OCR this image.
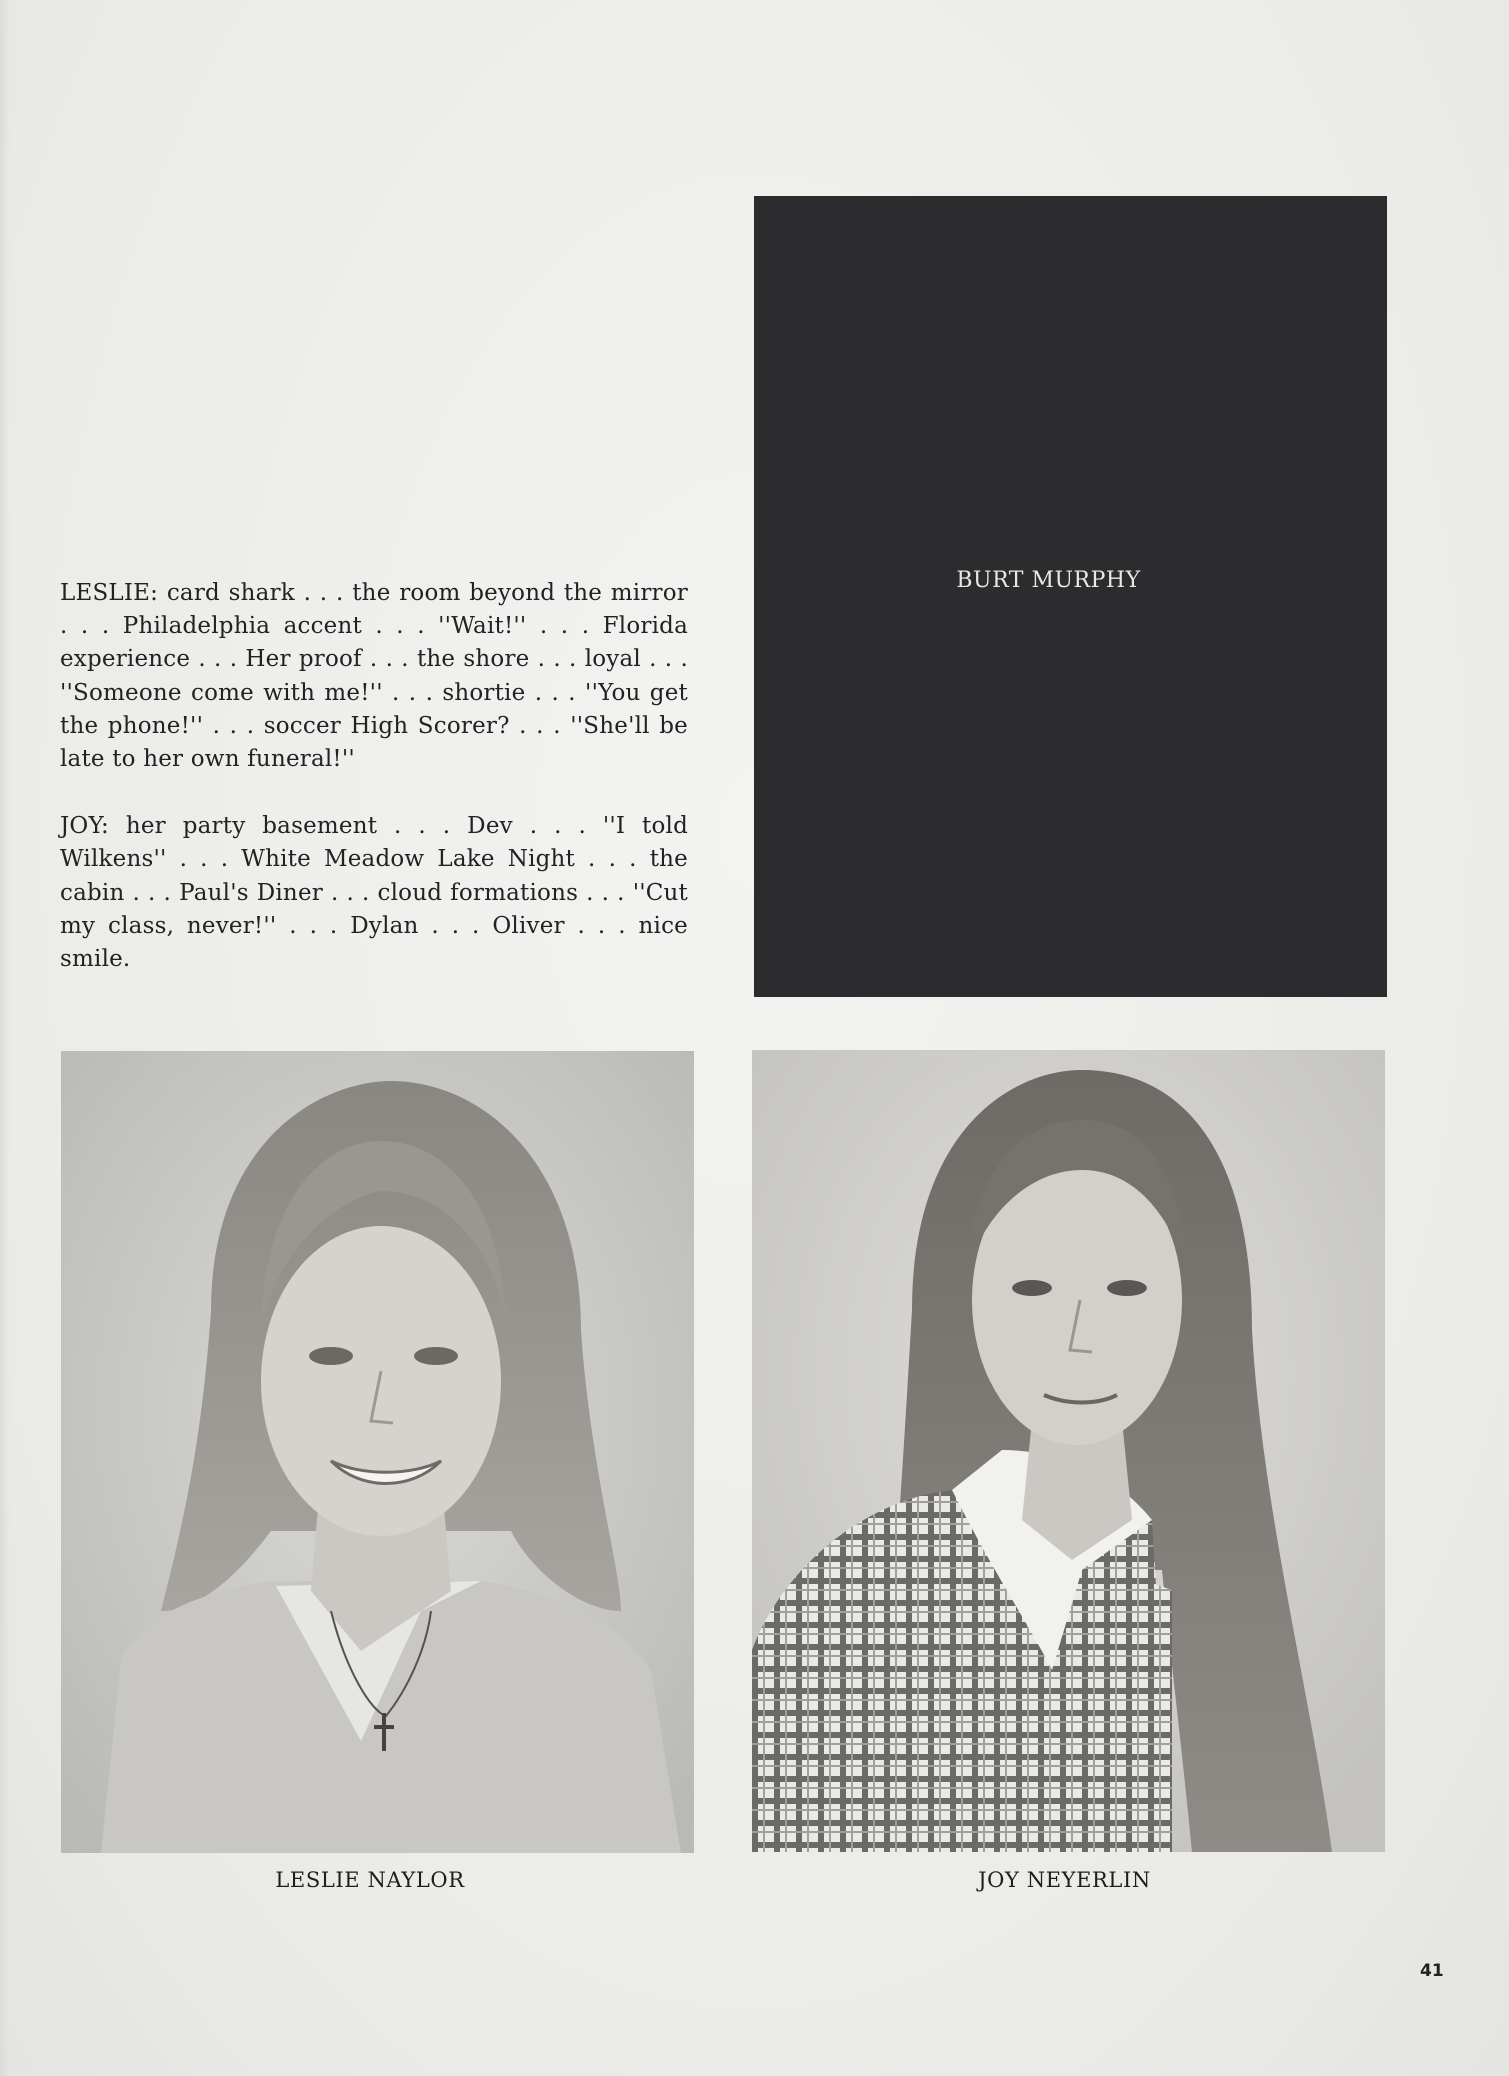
LESLIE: card shark . . . the room beyond the mirror . . . Philadelphia accent . . . ''Wait!'' . . . Florida experience . . . Her proof . . . the shore . . . loyal . . . ''Someone come with me!'' . . . shortie . . . ''You get the phone!'' . . . soccer High Scorer? . . . ''She'll be late to her own funeral!''

JOY: her party basement . . . Dev . . . ''I told Wilkens'' . . . White Meadow Lake Night . . . the cabin . . . Paul's Diner . . . cloud formations . . . ''Cut my class, never!'' . . . Dylan . . . Oliver . . . nice smile.

BURT MURPHY
LESLIE NAYLOR	JOY NEYERLIN
41
